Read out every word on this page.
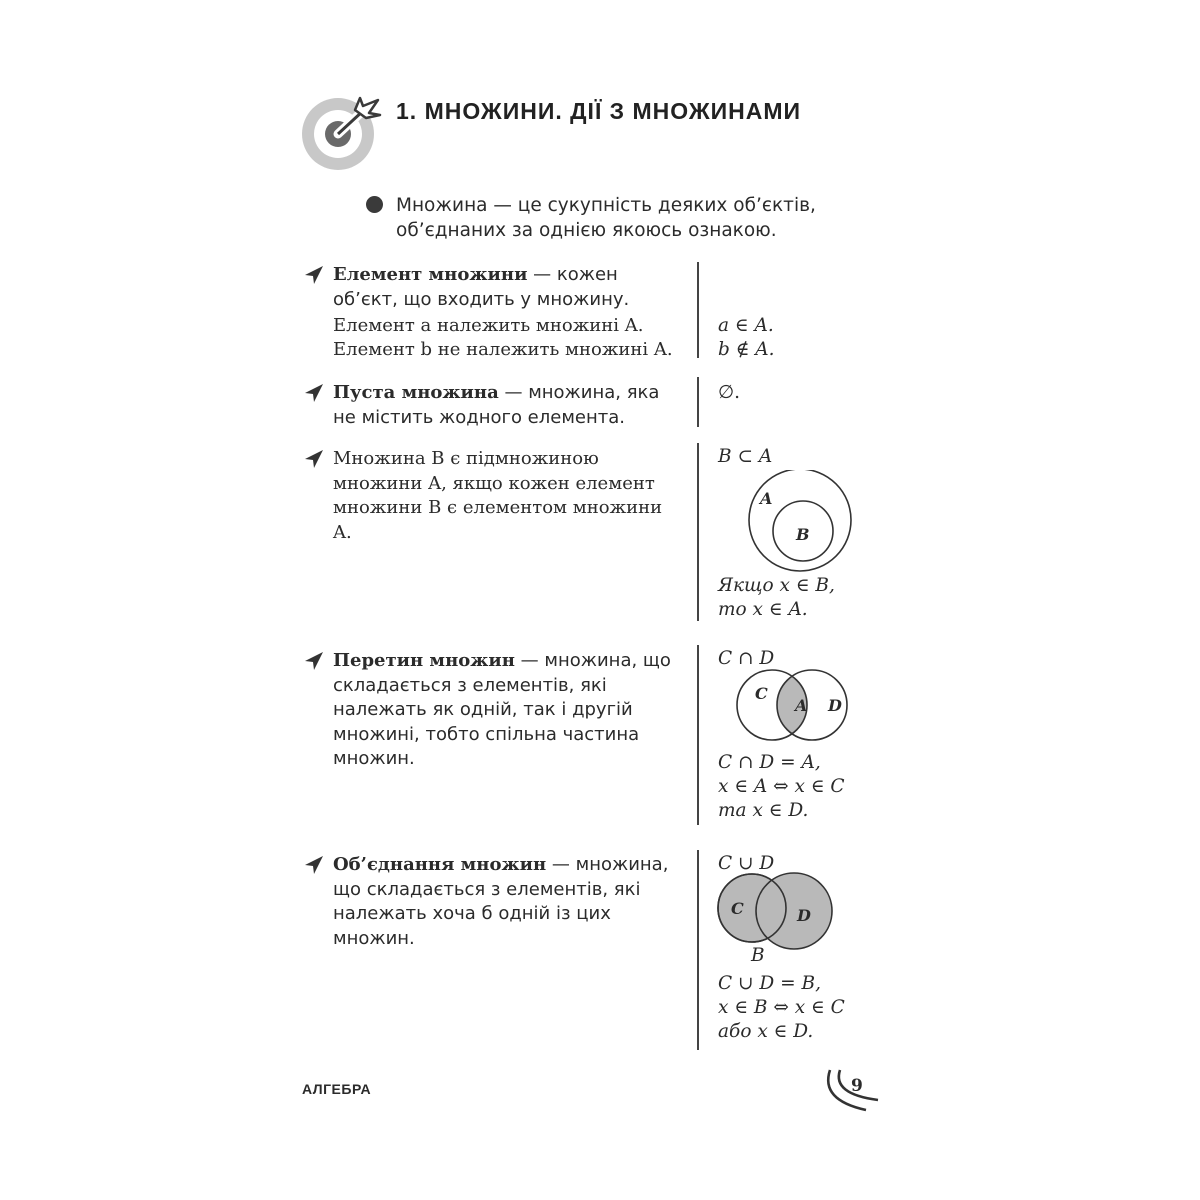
1. МНОЖИНИ. ДІЇ З МНОЖИНАМИ
Множина — це сукупність деяких об’єктів, об’єднаних за однією якоюсь ознакою.
Елемент множини — кожен об’єкт, що входить у множину.
Елемент a належить множині A.
Елемент b не належить множині A.
a ∈ A.
b ∉ A.
Пуста множина — множина, яка не містить жодного елемента.
∅.
Множина B є підмножиною множини A, якщо кожен елемент множини B є елементом множини A.
B ⊂ A
A
B
Якщо x ∈ B,
то x ∈ A.
Перетин множин — множина, що складається з елементів, які належать як одній, так і другій множині, тобто спільна частина множин.
C ∩ D
C
A D
C ∩ D = A,
x ∈ A ⇔ x ∈ C
та x ∈ D.
Об’єднання множин — множина, що складається з елементів, які належать хоча б одній із цих множин.
C ∪ D
C	D
B
C ∪ D = B,
x ∈ B ⇔ x ∈ C
або x ∈ D.
АЛГЕБРА	9
